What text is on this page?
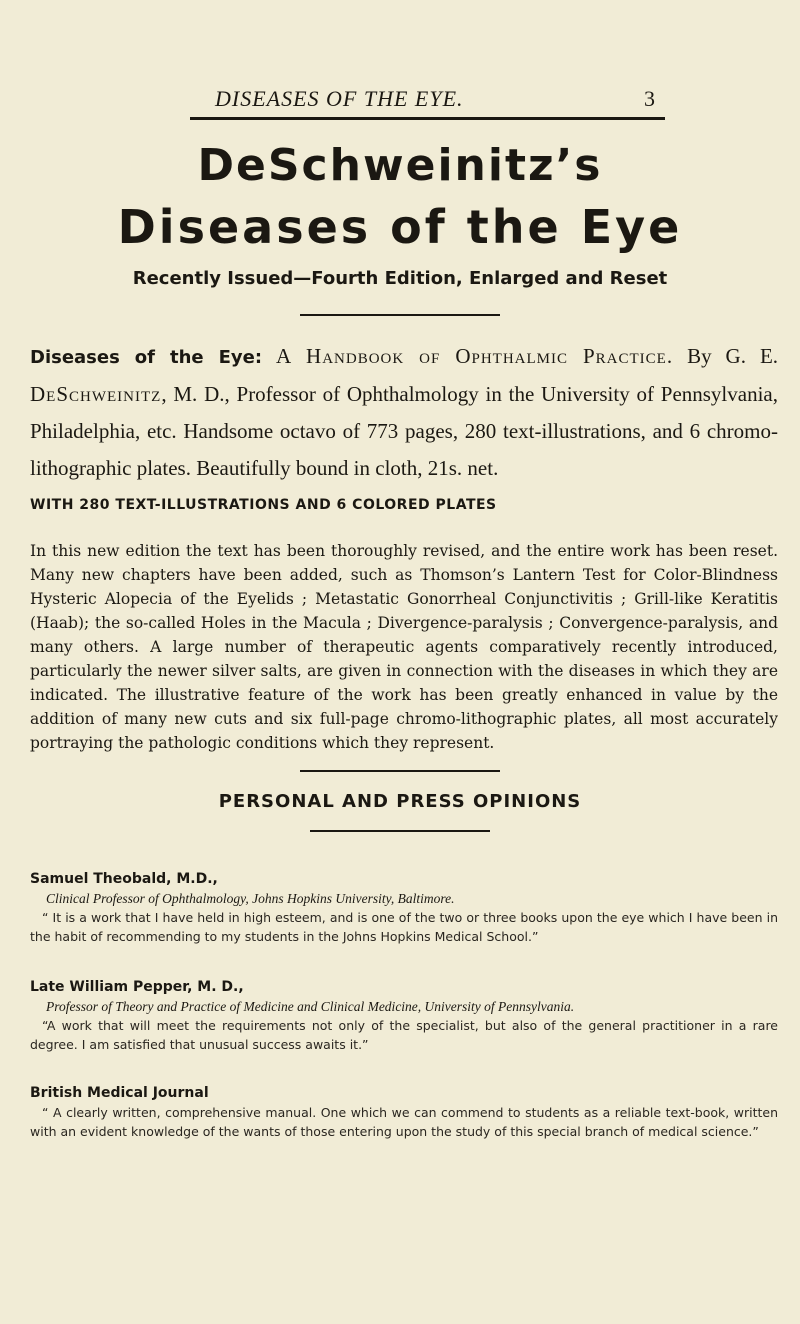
DISEASES OF THE EYE.	3
DeSchweinitz’s
Diseases of the Eye
Recently Issued—Fourth Edition, Enlarged and Reset
Diseases of the Eye: A Handbook of Ophthalmic Practice. By G. E. DeSchweinitz, M. D., Professor of Ophthalmology in the University of Pennsylvania, Philadelphia, etc. Handsome octavo of 773 pages, 280 text-illustrations, and 6 chromo-lithographic plates. Beautifully bound in cloth, 21s. net.
WITH 280 TEXT-ILLUSTRATIONS AND 6 COLORED PLATES
In this new edition the text has been thoroughly revised, and the entire work has been reset. Many new chapters have been added, such as Thomson’s Lantern Test for Color-Blindness Hysteric Alopecia of the Eyelids ; Metastatic Gonorrheal Conjunctivitis ; Grill-like Keratitis (Haab); the so-called Holes in the Macula ; Divergence-paralysis ; Convergence-paralysis, and many others. A large number of therapeutic agents comparatively recently introduced, particularly the newer silver salts, are given in connection with the diseases in which they are indicated. The illustrative feature of the work has been greatly enhanced in value by the addition of many new cuts and six full-page chromo-lithographic plates, all most accurately portraying the pathologic conditions which they represent.
PERSONAL AND PRESS OPINIONS
Samuel Theobald, M.D.,
Clinical Professor of Ophthalmology, Johns Hopkins University, Baltimore.
“ It is a work that I have held in high esteem, and is one of the two or three books upon the eye which I have been in the habit of recommending to my students in the Johns Hopkins Medical School.”
Late William Pepper, M. D.,
Professor of Theory and Practice of Medicine and Clinical Medicine, University of Pennsylvania.
“A work that will meet the requirements not only of the specialist, but also of the general practitioner in a rare degree. I am satisfied that unusual success awaits it.”
British Medical Journal
“ A clearly written, comprehensive manual. One which we can commend to students as a reliable text-book, written with an evident knowledge of the wants of those entering upon the study of this special branch of medical science.”
